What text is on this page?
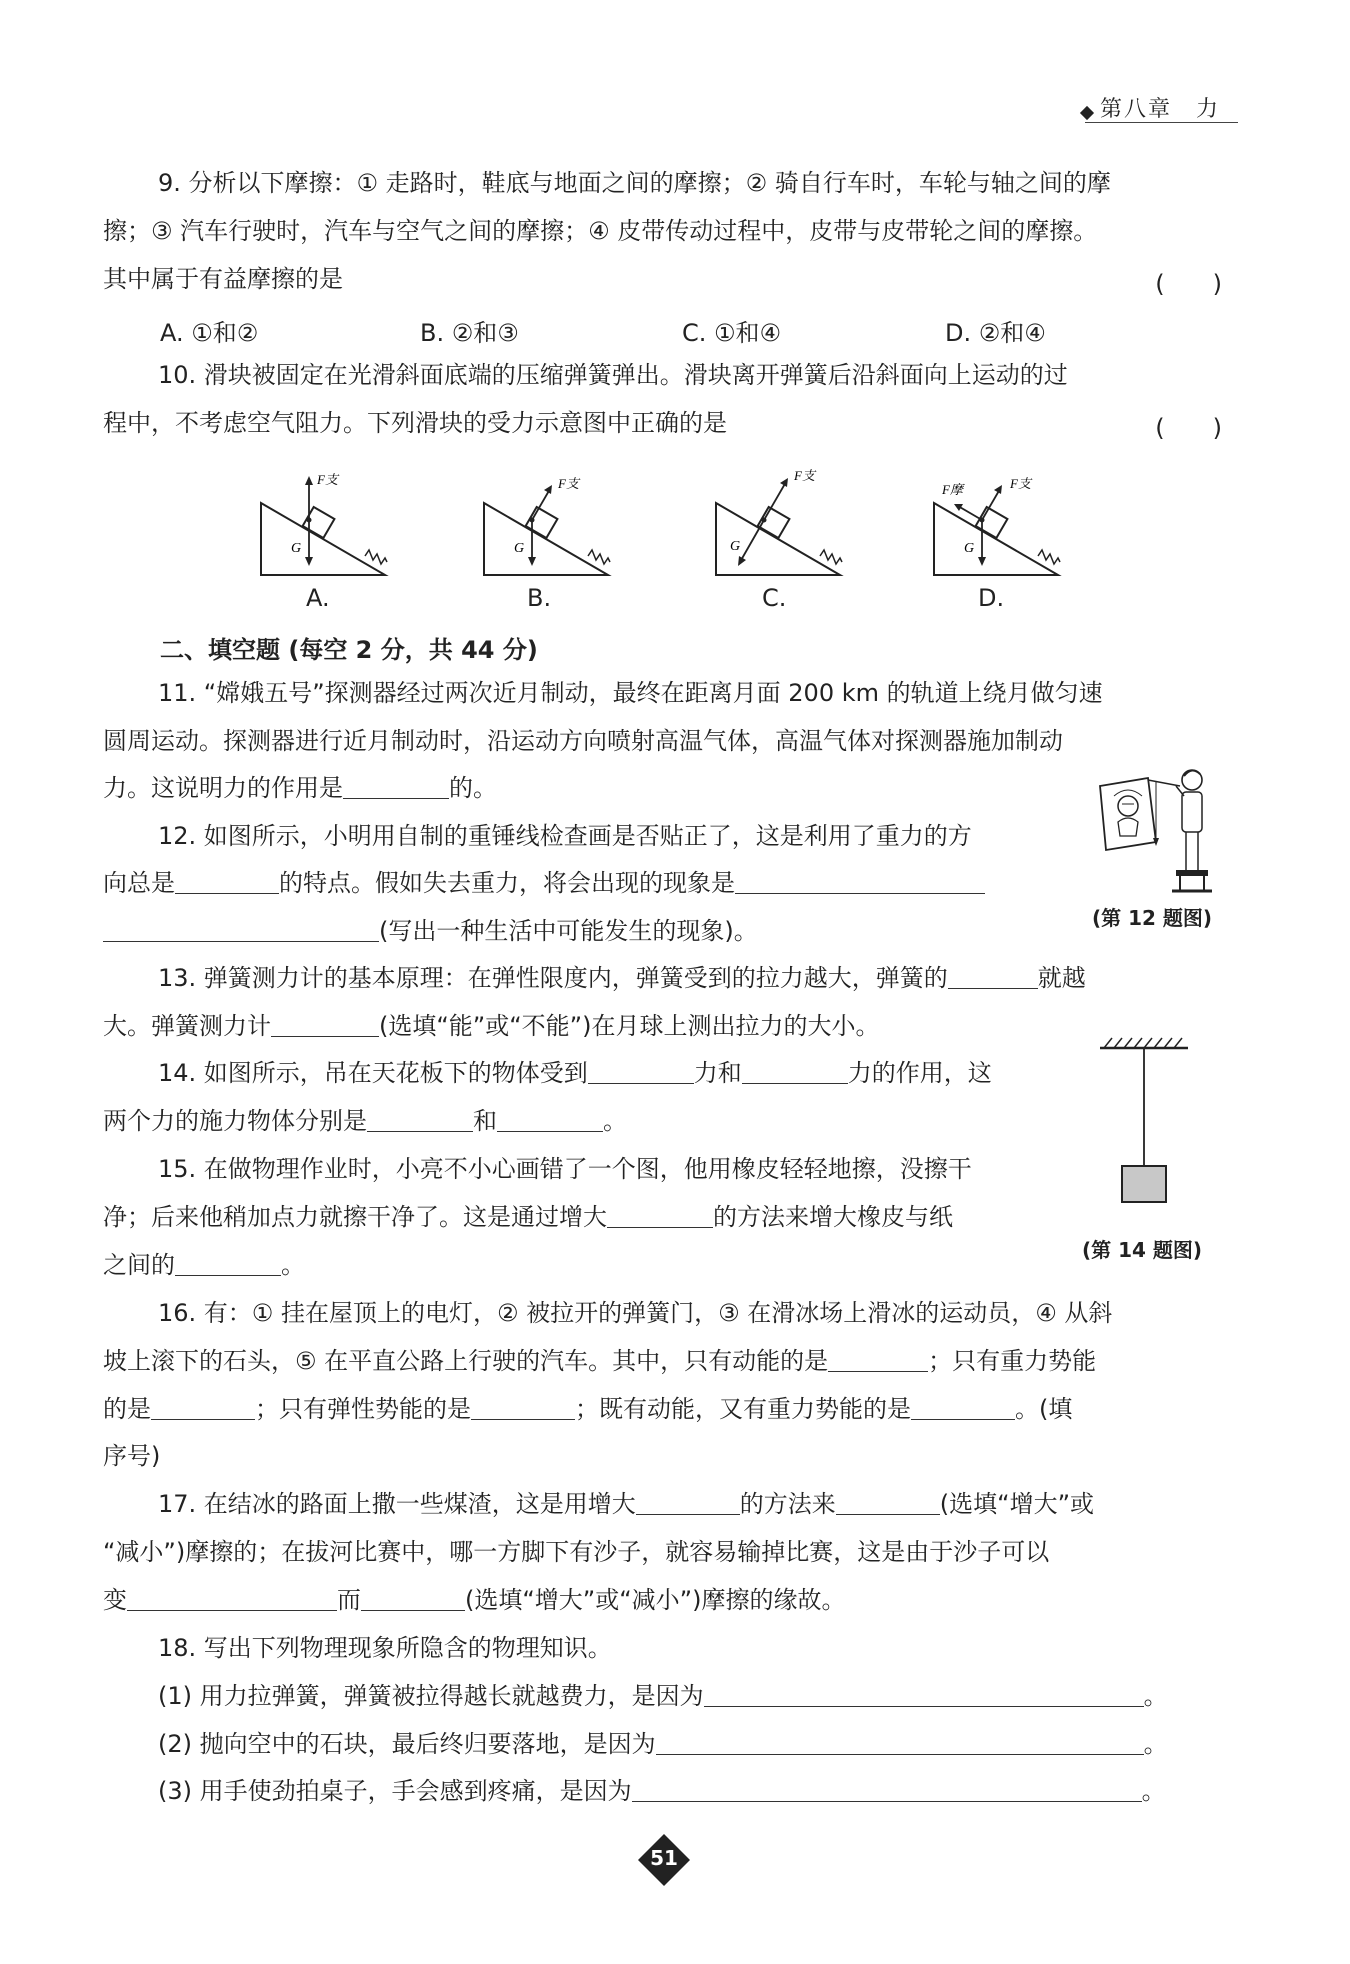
第八章　力
9. 分析以下摩擦：① 走路时，鞋底与地面之间的摩擦；② 骑自行车时，车轮与轴之间的摩
擦；③ 汽车行驶时，汽车与空气之间的摩擦；④ 皮带传动过程中，皮带与皮带轮之间的摩擦。
其中属于有益摩擦的是	(　　)
A. ①和②	B. ②和③	C. ①和④	D. ②和④
10. 滑块被固定在光滑斜面底端的压缩弹簧弹出。滑块离开弹簧后沿斜面向上运动的过
程中，不考虑空气阻力。下列滑块的受力示意图中正确的是	(　　)
F支
G
A.
F支
G
B.
F支
G
C.
F支
F摩
G
D.
二、填空题 (每空 2 分，共 44 分)
11. “嫦娥五号”探测器经过两次近月制动，最终在距离月面 200 km 的轨道上绕月做匀速
圆周运动。探测器进行近月制动时，沿运动方向喷射高温气体，高温气体对探测器施加制动
力。这说明力的作用是	的。
12. 如图所示，小明用自制的重锤线检查画是否贴正了，这是利用了重力的方
向总是	的特点。假如失去重力，将会出现的现象是
(写出一种生活中可能发生的现象)。	(第 12 题图)
13. 弹簧测力计的基本原理：在弹性限度内，弹簧受到的拉力越大，弹簧的	就越
大。弹簧测力计	(选填“能”或“不能”)在月球上测出拉力的大小。
14. 如图所示，吊在天花板下的物体受到	力和	力的作用，这
两个力的施力物体分别是	和	。
(第 14 题图)
15. 在做物理作业时，小亮不小心画错了一个图，他用橡皮轻轻地擦，没擦干
净；后来他稍加点力就擦干净了。这是通过增大	的方法来增大橡皮与纸
之间的	。
16. 有：① 挂在屋顶上的电灯，② 被拉开的弹簧门，③ 在滑冰场上滑冰的运动员，④ 从斜
坡上滚下的石头，⑤ 在平直公路上行驶的汽车。其中，只有动能的是	；只有重力势能
的是	；只有弹性势能的是	；既有动能，又有重力势能的是	。(填
序号)
17. 在结冰的路面上撒一些煤渣，这是用增大	的方法来	(选填“增大”或
“减小”)摩擦的；在拔河比赛中，哪一方脚下有沙子，就容易输掉比赛，这是由于沙子可以
变	而	(选填“增大”或“减小”)摩擦的缘故。
18. 写出下列物理现象所隐含的物理知识。
(1) 用力拉弹簧，弹簧被拉得越长就越费力，是因为	。
(2) 抛向空中的石块，最后终归要落地，是因为	。
(3) 用手使劲拍桌子，手会感到疼痛，是因为	。
51
